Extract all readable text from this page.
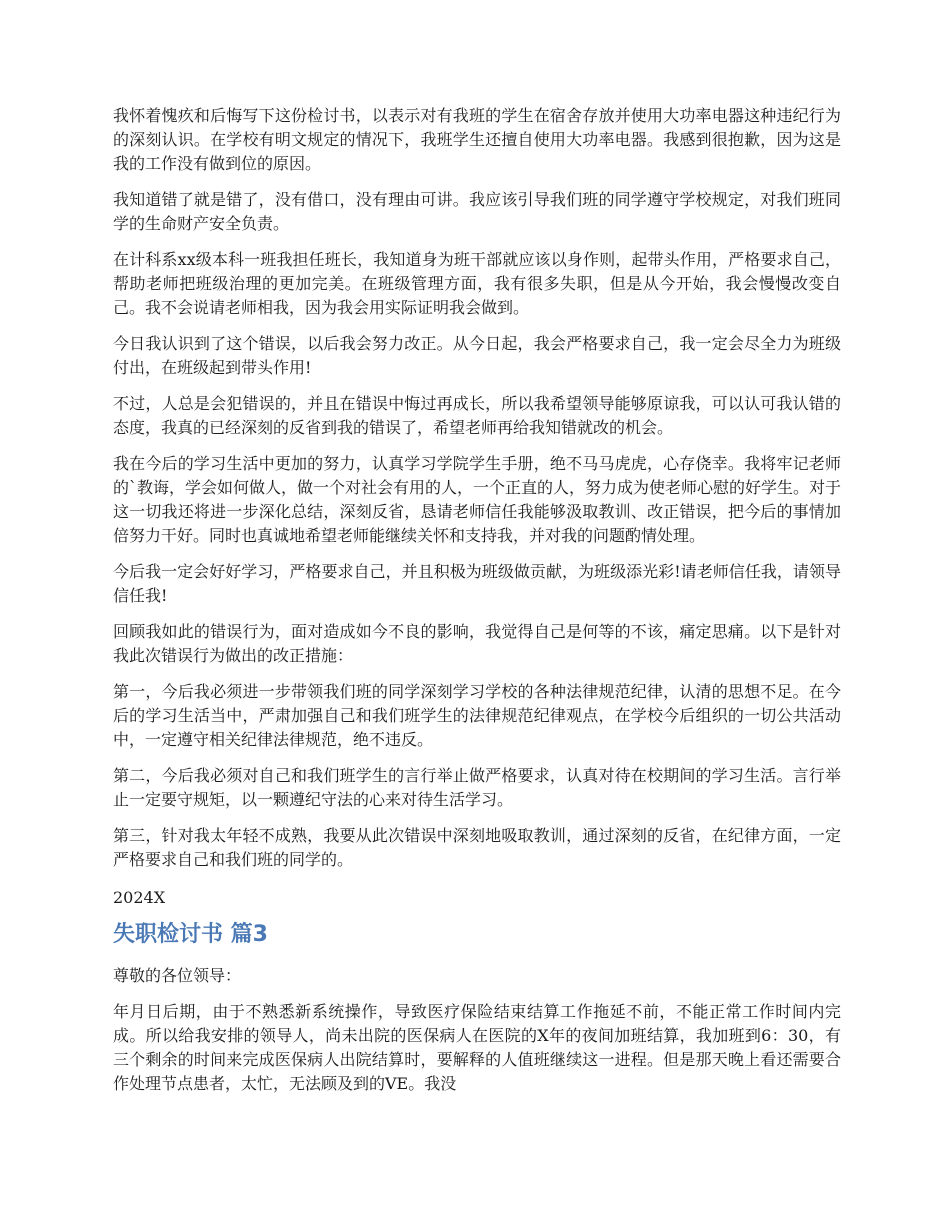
我怀着愧疚和后悔写下这份检讨书，以表示对有我班的学生在宿舍存放并使用大功率电器这种违纪行为的深刻认识。在学校有明文规定的情况下，我班学生还擅自使用大功率电器。我感到很抱歉，因为这是我的工作没有做到位的原因。

我知道错了就是错了，没有借口，没有理由可讲。我应该引导我们班的同学遵守学校规定，对我们班同学的生命财产安全负责。

在计科系xx级本科一班我担任班长，我知道身为班干部就应该以身作则，起带头作用，严格要求自己，帮助老师把班级治理的更加完美。在班级管理方面，我有很多失职，但是从今开始，我会慢慢改变自己。我不会说请老师相我，因为我会用实际证明我会做到。

今日我认识到了这个错误，以后我会努力改正。从今日起，我会严格要求自己，我一定会尽全力为班级付出，在班级起到带头作用!

不过，人总是会犯错误的，并且在错误中悔过再成长，所以我希望领导能够原谅我，可以认可我认错的态度，我真的已经深刻的反省到我的错误了，希望老师再给我知错就改的机会。

我在今后的学习生活中更加的努力，认真学习学院学生手册，绝不马马虎虎，心存侥幸。我将牢记老师的`教诲，学会如何做人，做一个对社会有用的人，一个正直的人，努力成为使老师心慰的好学生。对于这一切我还将进一步深化总结，深刻反省，恳请老师信任我能够汲取教训、改正错误，把今后的事情加倍努力干好。同时也真诚地希望老师能继续关怀和支持我，并对我的问题酌情处理。

今后我一定会好好学习，严格要求自己，并且积极为班级做贡献，为班级添光彩!请老师信任我，请领导信任我!

回顾我如此的错误行为，面对造成如今不良的影响，我觉得自己是何等的不该，痛定思痛。以下是针对我此次错误行为做出的改正措施：

第一，今后我必须进一步带领我们班的同学深刻学习学校的各种法律规范纪律，认清的思想不足。在今后的学习生活当中，严肃加强自己和我们班学生的法律规范纪律观点，在学校今后组织的一切公共活动中，一定遵守相关纪律法律规范，绝不违反。

第二，今后我必须对自己和我们班学生的言行举止做严格要求，认真对待在校期间的学习生活。言行举止一定要守规矩，以一颗遵纪守法的心来对待生活学习。

第三，针对我太年轻不成熟，我要从此次错误中深刻地吸取教训，通过深刻的反省，在纪律方面，一定严格要求自己和我们班的同学的。

2024X

失职检讨书 篇3

尊敬的各位领导：

年月日后期，由于不熟悉新系统操作，导致医疗保险结束结算工作拖延不前，不能正常工作时间内完成。所以给我安排的领导人，尚未出院的医保病人在医院的X年的夜间加班结算，我加班到6：30，有三个剩余的时间来完成医保病人出院结算时，要解释的人值班继续这一进程。但是那天晚上看还需要合作处理节点患者，太忙，无法顾及到的VE。我没
